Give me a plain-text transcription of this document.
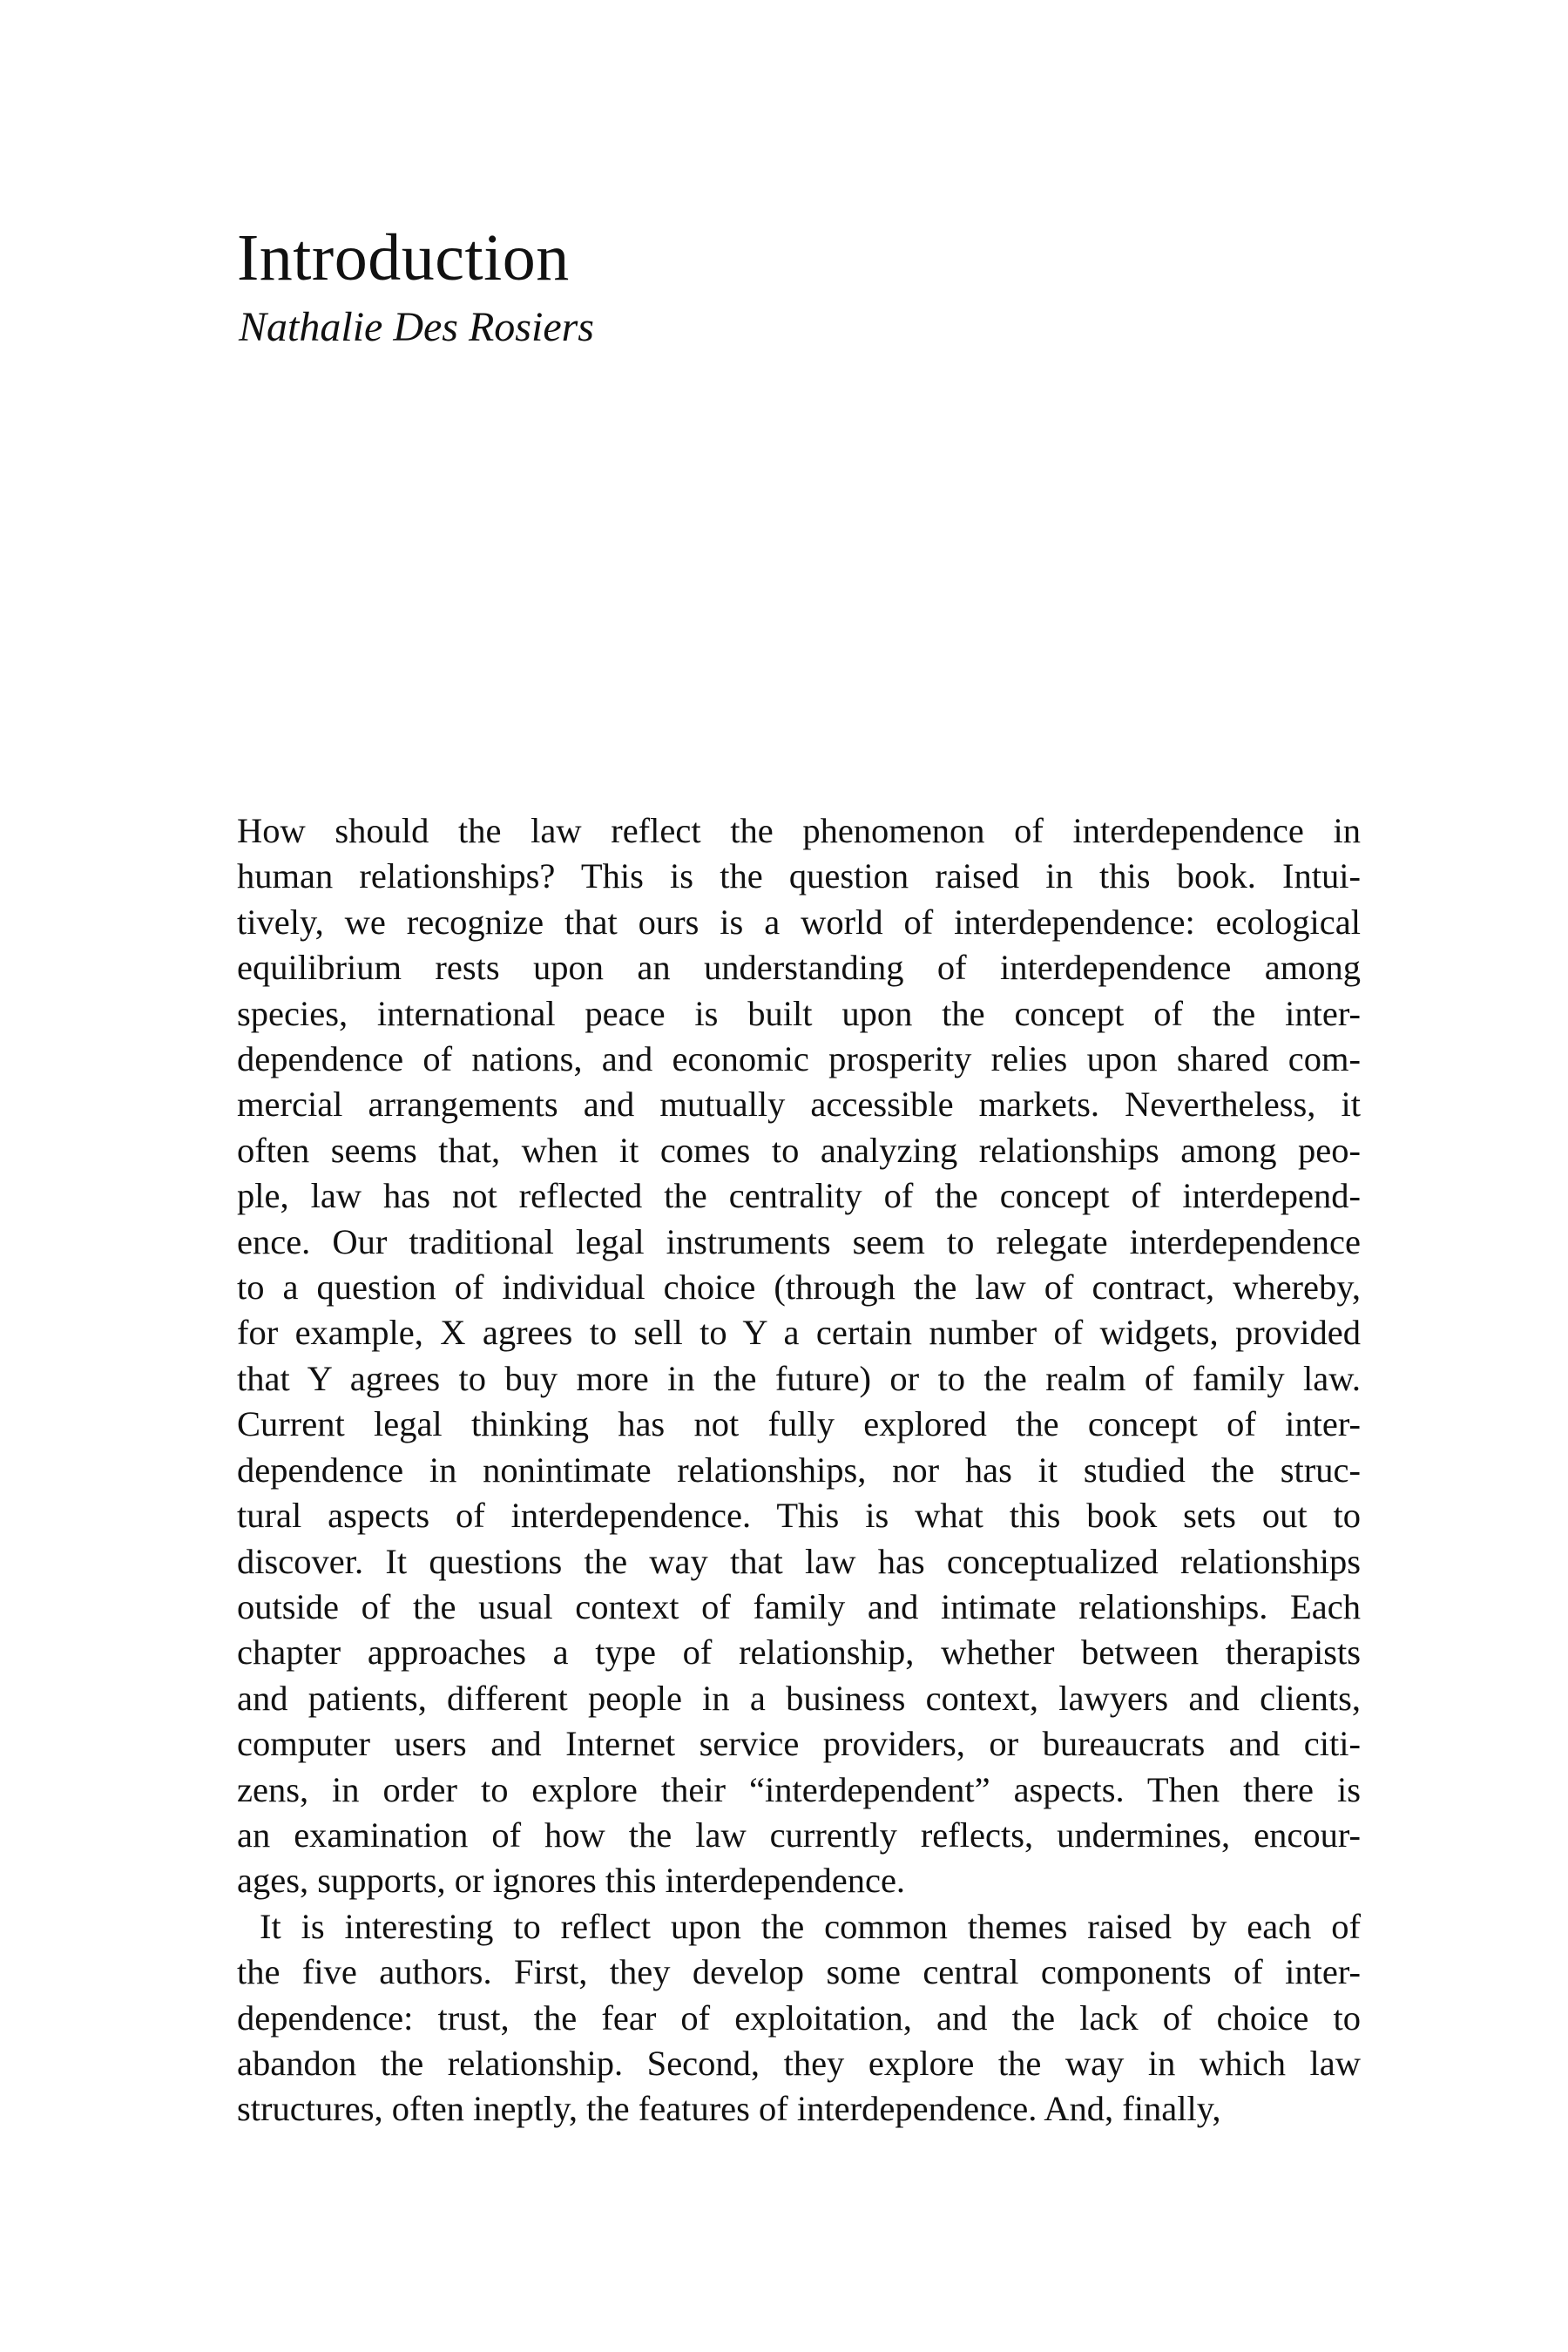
Introduction
Nathalie Des Rosiers

How should the law reflect the phenomenon of interdependence in
human relationships? This is the question raised in this book. Intui-
tively, we recognize that ours is a world of interdependence: ecological
equilibrium rests upon an understanding of interdependence among
species, international peace is built upon the concept of the inter-
dependence of nations, and economic prosperity relies upon shared com-
mercial arrangements and mutually accessible markets. Nevertheless, it
often seems that, when it comes to analyzing relationships among peo-
ple, law has not reflected the centrality of the concept of interdepend-
ence. Our traditional legal instruments seem to relegate interdependence
to a question of individual choice (through the law of contract, whereby,
for example, X agrees to sell to Y a certain number of widgets, provided
that Y agrees to buy more in the future) or to the realm of family law.
Current legal thinking has not fully explored the concept of inter-
dependence in nonintimate relationships, nor has it studied the struc-
tural aspects of interdependence. This is what this book sets out to
discover. It questions the way that law has conceptualized relationships
outside of the usual context of family and intimate relationships. Each
chapter approaches a type of relationship, whether between therapists
and patients, different people in a business context, lawyers and clients,
computer users and Internet service providers, or bureaucrats and citi-
zens, in order to explore their “interdependent” aspects. Then there is
an examination of how the law currently reflects, undermines, encour-
ages, supports, or ignores this interdependence.

It is interesting to reflect upon the common themes raised by each of
the five authors. First, they develop some central components of inter-
dependence: trust, the fear of exploitation, and the lack of choice to
abandon the relationship. Second, they explore the way in which law
structures, often ineptly, the features of interdependence. And, finally,
